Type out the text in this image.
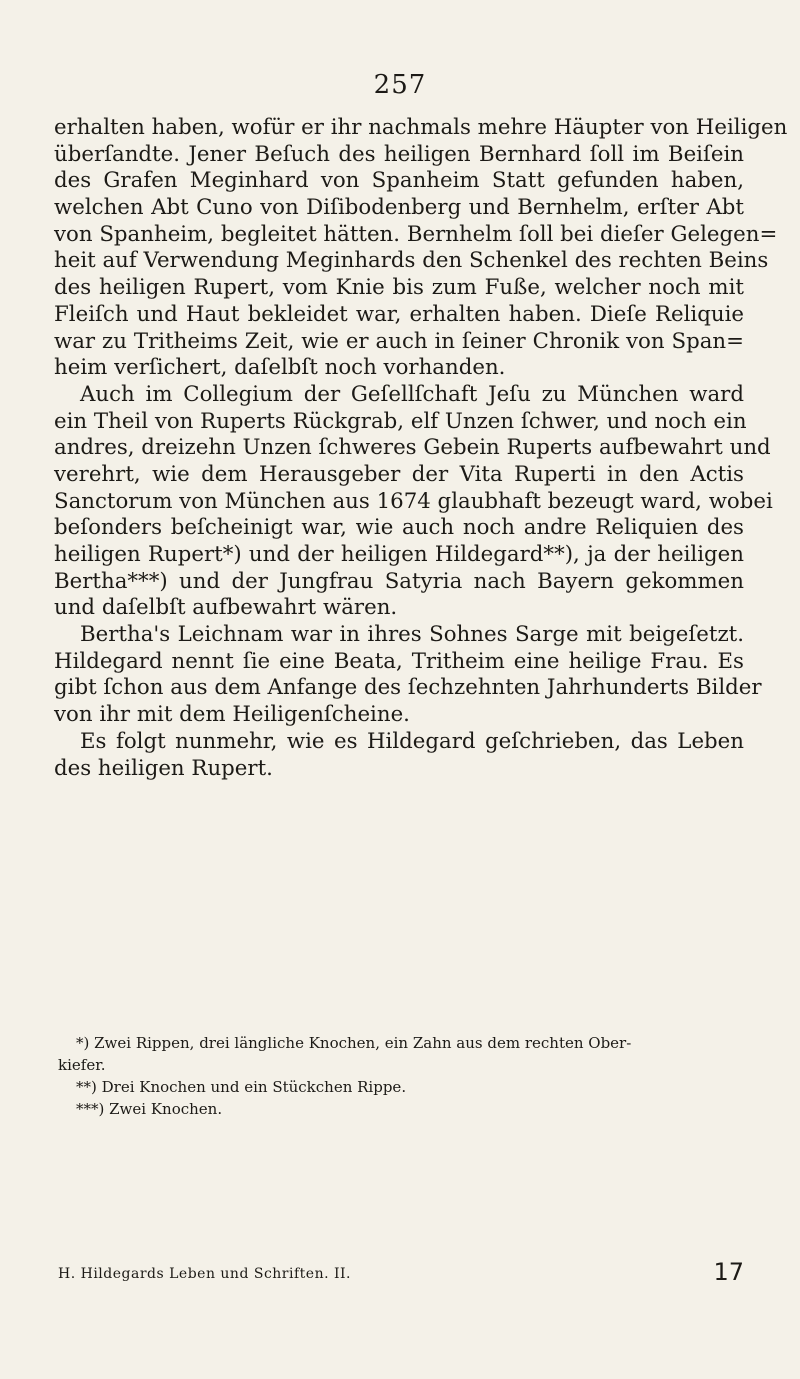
257
erhalten haben, wofür er ihr nachmals mehre Häupter von Heiligen
überſandte. Jener Beſuch des heiligen Bernhard ſoll im Beiſein
des Grafen Meginhard von Spanheim Statt gefunden haben,
welchen Abt Cuno von Diſibodenberg und Bernhelm, erſter Abt
von Spanheim, begleitet hätten. Bernhelm ſoll bei dieſer Gelegen=
heit auf Verwendung Meginhards den Schenkel des rechten Beins
des heiligen Rupert, vom Knie bis zum Fuße, welcher noch mit
Fleiſch und Haut bekleidet war, erhalten haben. Dieſe Reliquie
war zu Tritheims Zeit, wie er auch in ſeiner Chronik von Span=
heim verſichert, daſelbſt noch vorhanden.
Auch im Collegium der Geſellſchaft Jeſu zu München ward
ein Theil von Ruperts Rückgrab, elf Unzen ſchwer, und noch ein
andres, dreizehn Unzen ſchweres Gebein Ruperts aufbewahrt und
verehrt, wie dem Herausgeber der Vita Ruperti in den Actis
Sanctorum von München aus 1674 glaubhaft bezeugt ward, wobei
beſonders beſcheinigt war, wie auch noch andre Reliquien des
heiligen Rupert*) und der heiligen Hildegard**), ja der heiligen
Bertha***) und der Jungfrau Satyria nach Bayern gekommen
und daſelbſt aufbewahrt wären.
Bertha's Leichnam war in ihres Sohnes Sarge mit beigeſetzt.
Hildegard nennt ſie eine Beata, Tritheim eine heilige Frau. Es
gibt ſchon aus dem Anfange des ſechzehnten Jahrhunderts Bilder
von ihr mit dem Heiligenſcheine.
Es folgt nunmehr, wie es Hildegard geſchrieben, das Leben
des heiligen Rupert.
*) Zwei Rippen, drei längliche Knochen, ein Zahn aus dem rechten Ober-
kiefer.
**) Drei Knochen und ein Stückchen Rippe.
***) Zwei Knochen.
H. Hildegards Leben und Schriften. II.	17
